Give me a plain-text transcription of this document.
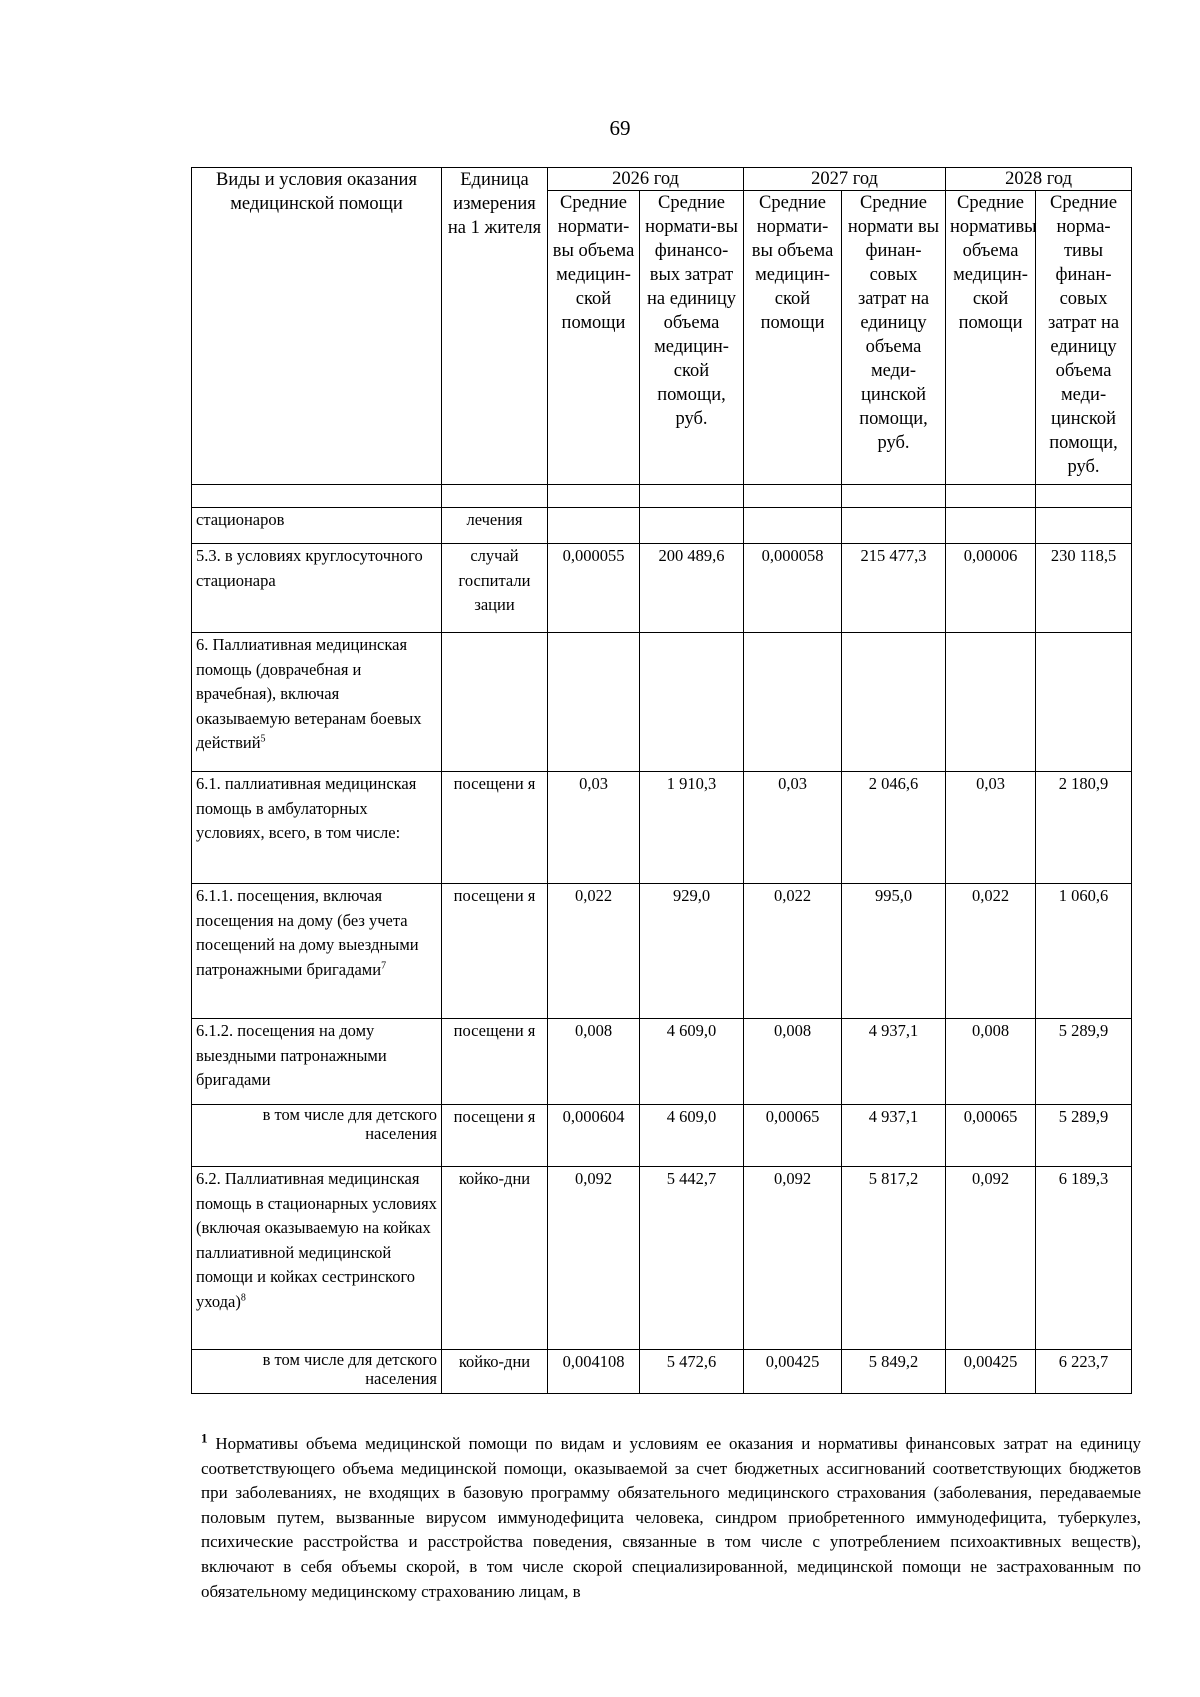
69
Виды и условия оказания медицинской помощи	Единица измерения на 1 жителя	2026 год		2027 год		2028 год	
		Средние нормати-вы объема медицин-ской помощи	Средние нормати-вы финансо-вых затрат на единицу объема медицин-ской помощи, руб.	Средние нормати-вы объема медицин-ской помощи	Средние нормати вы финан-совых затрат на единицу объема меди-цинской помощи, руб.	Средние нормативы объема медицин-ской помощи	Средние норма-тивы финан-совых затрат на единицу объема меди-цинской помощи, руб.

стационаров	лечения						
5.3. в условиях круглосуточного стационара	случай госпитали зации	0,000055	200 489,6	0,000058	215 477,3	0,00006	230 118,5
6. Паллиативная медицинская помощь (доврачебная и врачебная), включая оказываемую ветеранам боевых действий$^5$							
6.1. паллиативная медицинская помощь в амбулаторных условиях, всего, в том числе:	посещени я	0,03	1 910,3	0,03	2 046,6	0,03	2 180,9
6.1.1. посещения, включая посещения на дому (без учета посещений на дому выездными патронажными бригадами$^7$	посещени я	0,022	929,0	0,022	995,0	0,022	1 060,6
6.1.2. посещения на дому выездными патронажными бригадами	посещени я	0,008	4 609,0	0,008	4 937,1	0,008	5 289,9
в том числе для детского населения	посещени я	0,000604	4 609,0	0,00065	4 937,1	0,00065	5 289,9
6.2. Паллиативная медицинская помощь в стационарных условиях (включая оказываемую на койках паллиативной медицинской помощи и койках сестринского ухода)$^8$	койко-дни	0,092	5 442,7	0,092	5 817,2	0,092	6 189,3
в том числе для детского населения	койко-дни	0,004108	5 472,6	0,00425	5 849,2	0,00425	6 223,7
$^1$ Нормативы объема медицинской помощи по видам и условиям ее оказания и нормативы финансовых затрат на единицу соответствующего объема медицинской помощи, оказываемой за счет бюджетных ассигнований соответствующих бюджетов при заболеваниях, не входящих в базовую программу обязательного медицинского страхования (заболевания, передаваемые половым путем, вызванные вирусом иммунодефицита человека, синдром приобретенного иммунодефицита, туберкулез, психические расстройства и расстройства поведения, связанные в том числе с употреблением психоактивных веществ), включают в себя объемы скорой, в том числе скорой специализированной, медицинской помощи не застрахованным по обязательному медицинскому страхованию лицам, в
